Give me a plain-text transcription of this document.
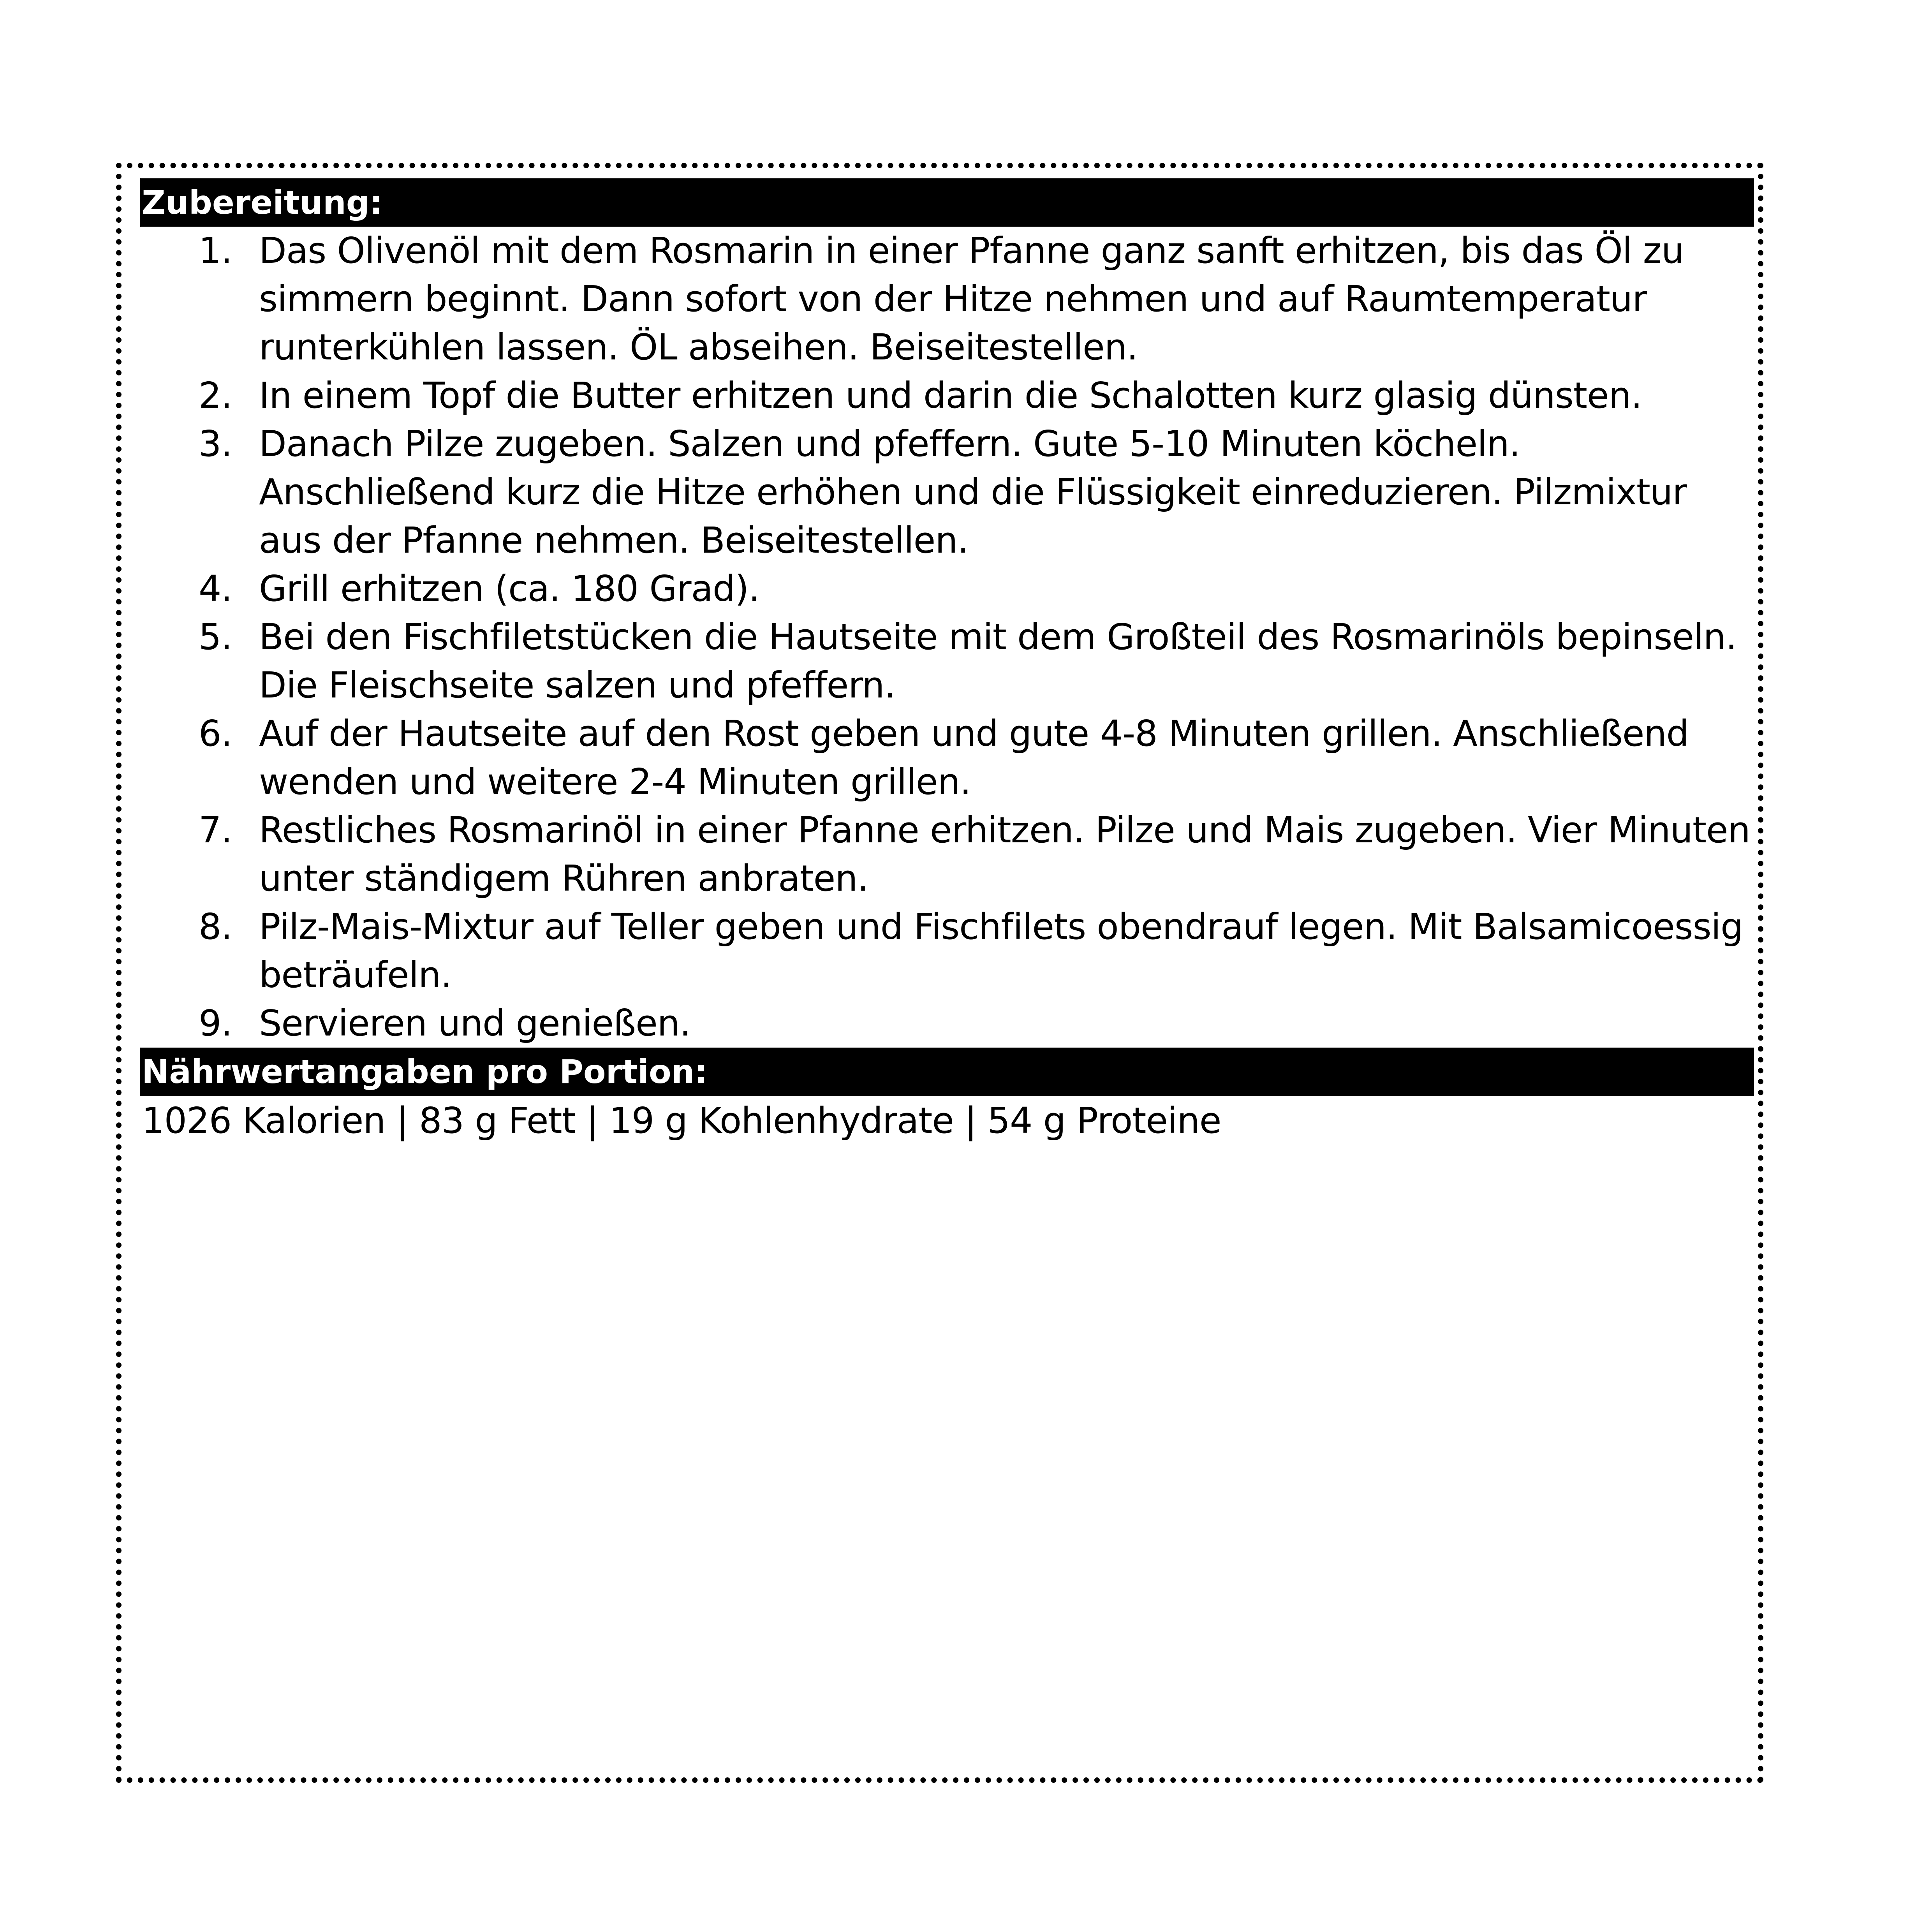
Zubereitung:
1. Das Olivenöl mit dem Rosmarin in einer Pfanne ganz sanft erhitzen, bis das Öl zu simmern beginnt. Dann sofort von der Hitze nehmen und auf Raumtemperatur runterkühlen lassen. ÖL abseihen. Beiseitestellen.
2. In einem Topf die Butter erhitzen und darin die Schalotten kurz glasig dünsten.
3. Danach Pilze zugeben. Salzen und pfeffern. Gute 5-10 Minuten köcheln. Anschließend kurz die Hitze erhöhen und die Flüssigkeit einreduzieren. Pilzmixtur aus der Pfanne nehmen. Beiseitestellen.
4. Grill erhitzen (ca. 180 Grad).
5. Bei den Fischfiletstücken die Hautseite mit dem Großteil des Rosmarinöls bepinseln. Die Fleischseite salzen und pfeffern.
6. Auf der Hautseite auf den Rost geben und gute 4-8 Minuten grillen. Anschließend wenden und weitere 2-4 Minuten grillen.
7. Restliches Rosmarinöl in einer Pfanne erhitzen. Pilze und Mais zugeben. Vier Minuten unter ständigem Rühren anbraten.
8. Pilz-Mais-Mixtur auf Teller geben und Fischfilets obendrauf legen. Mit Balsamicoessig beträufeln.
9. Servieren und genießen.
Nährwertangaben pro Portion:
1026 Kalorien | 83 g Fett | 19 g Kohlenhydrate | 54 g Proteine
